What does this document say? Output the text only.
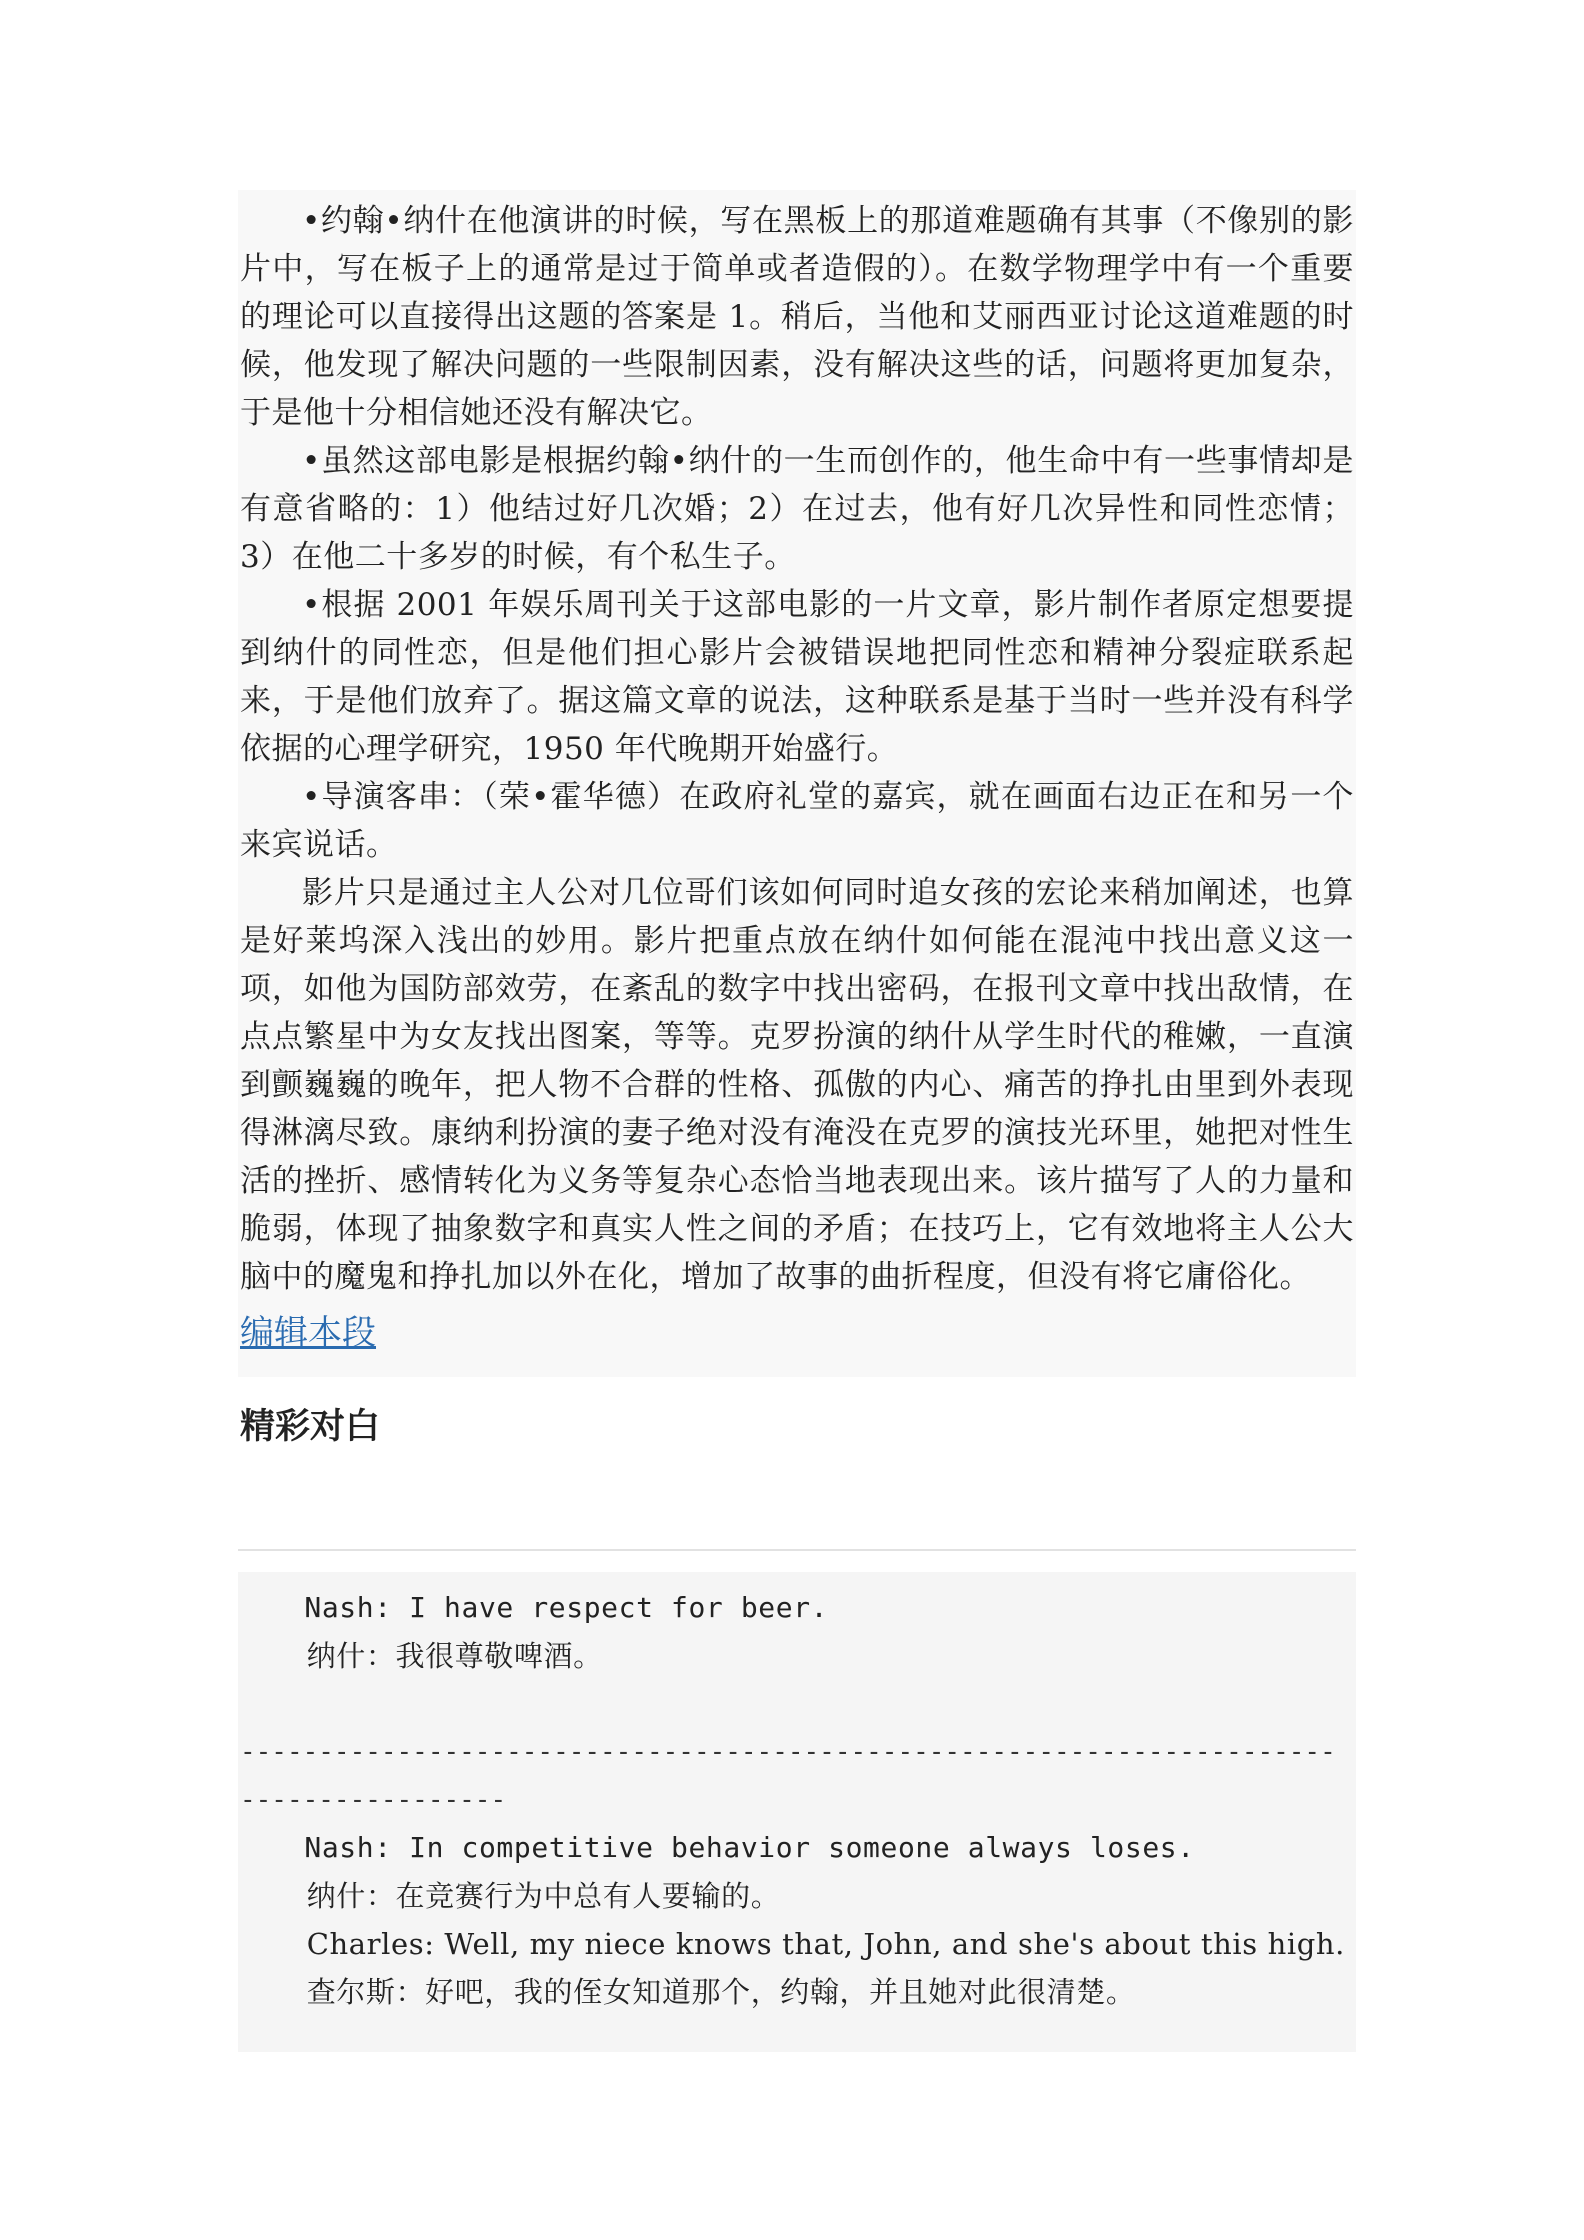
•约翰•纳什在他演讲的时候，写在黑板上的那道难题确有其事（不像别的影片中，写在板子上的通常是过于简单或者造假的）。在数学物理学中有一个重要的理论可以直接得出这题的答案是 1。稍后，当他和艾丽西亚讨论这道难题的时候，他发现了解决问题的一些限制因素，没有解决这些的话，问题将更加复杂，于是他十分相信她还没有解决它。

•虽然这部电影是根据约翰•纳什的一生而创作的，他生命中有一些事情却是有意省略的：1）他结过好几次婚；2）在过去，他有好几次异性和同性恋情；3）在他二十多岁的时候，有个私生子。

•根据 2001 年娱乐周刊关于这部电影的一片文章，影片制作者原定想要提到纳什的同性恋，但是他们担心影片会被错误地把同性恋和精神分裂症联系起来，于是他们放弃了。据这篇文章的说法，这种联系是基于当时一些并没有科学依据的心理学研究，1950 年代晚期开始盛行。

•导演客串：（荣•霍华德）在政府礼堂的嘉宾，就在画面右边正在和另一个来宾说话。

影片只是通过主人公对几位哥们该如何同时追女孩的宏论来稍加阐述，也算是好莱坞深入浅出的妙用。影片把重点放在纳什如何能在混沌中找出意义这一项，如他为国防部效劳，在紊乱的数字中找出密码，在报刊文章中找出敌情，在点点繁星中为女友找出图案，等等。克罗扮演的纳什从学生时代的稚嫩，一直演到颤巍巍的晚年，把人物不合群的性格、孤傲的内心、痛苦的挣扎由里到外表现得淋漓尽致。康纳利扮演的妻子绝对没有淹没在克罗的演技光环里，她把对性生活的挫折、感情转化为义务等复杂心态恰当地表现出来。该片描写了人的力量和脆弱，体现了抽象数字和真实人性之间的矛盾；在技巧上，它有效地将主人公大脑中的魔鬼和挣扎加以外在化，增加了故事的曲折程度，但没有将它庸俗化。

编辑本段
精彩对白

Nash: I have respect for beer.

纳什：我很尊敬啤酒。

---------------------------------------------------------------------------------------

Nash: In competitive behavior someone always loses.

纳什：在竞赛行为中总有人要输的。

Charles: Well, my niece knows that, John, and she's about this high.

查尔斯：好吧，我的侄女知道那个，约翰，并且她对此很清楚。
